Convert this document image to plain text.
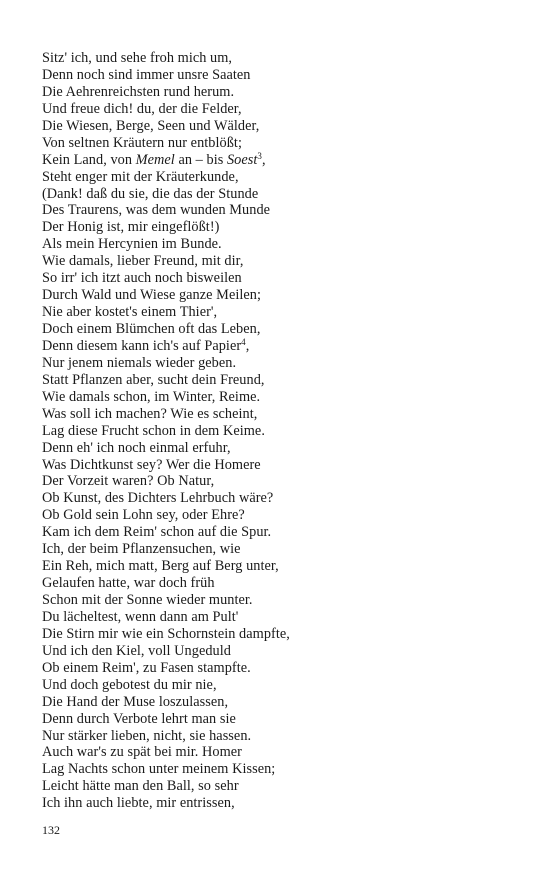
Sitz' ich, und sehe froh mich um,
Denn noch sind immer unsre Saaten
Die Aehrenreichsten rund herum.
Und freue dich! du, der die Felder,
Die Wiesen, Berge, Seen und Wälder,
Von seltnen Kräutern nur entblößt;
Kein Land, von Memel an – bis Soest$^3$,
Steht enger mit der Kräuterkunde,
(Dank! daß du sie, die das der Stunde
Des Traurens, was dem wunden Munde
Der Honig ist, mir eingeflößt!)
Als mein Hercynien im Bunde.
Wie damals, lieber Freund, mit dir,
So irr' ich itzt auch noch bisweilen
Durch Wald und Wiese ganze Meilen;
Nie aber kostet's einem Thier',
Doch einem Blümchen oft das Leben,
Denn diesem kann ich's auf Papier$^4$,
Nur jenem niemals wieder geben.
Statt Pflanzen aber, sucht dein Freund,
Wie damals schon, im Winter, Reime.
Was soll ich machen? Wie es scheint,
Lag diese Frucht schon in dem Keime.
Denn eh' ich noch einmal erfuhr,
Was Dichtkunst sey? Wer die Homere
Der Vorzeit waren? Ob Natur,
Ob Kunst, des Dichters Lehrbuch wäre?
Ob Gold sein Lohn sey, oder Ehre?
Kam ich dem Reim' schon auf die Spur.
Ich, der beim Pflanzensuchen, wie
Ein Reh, mich matt, Berg auf Berg unter,
Gelaufen hatte, war doch früh
Schon mit der Sonne wieder munter.
Du lächeltest, wenn dann am Pult'
Die Stirn mir wie ein Schornstein dampfte,
Und ich den Kiel, voll Ungeduld
Ob einem Reim', zu Fasen stampfte.
Und doch gebotest du mir nie,
Die Hand der Muse loszulassen,
Denn durch Verbote lehrt man sie
Nur stärker lieben, nicht, sie hassen.
Auch war's zu spät bei mir. Homer
Lag Nachts schon unter meinem Kissen;
Leicht hätte man den Ball, so sehr
Ich ihn auch liebte, mir entrissen,
132
